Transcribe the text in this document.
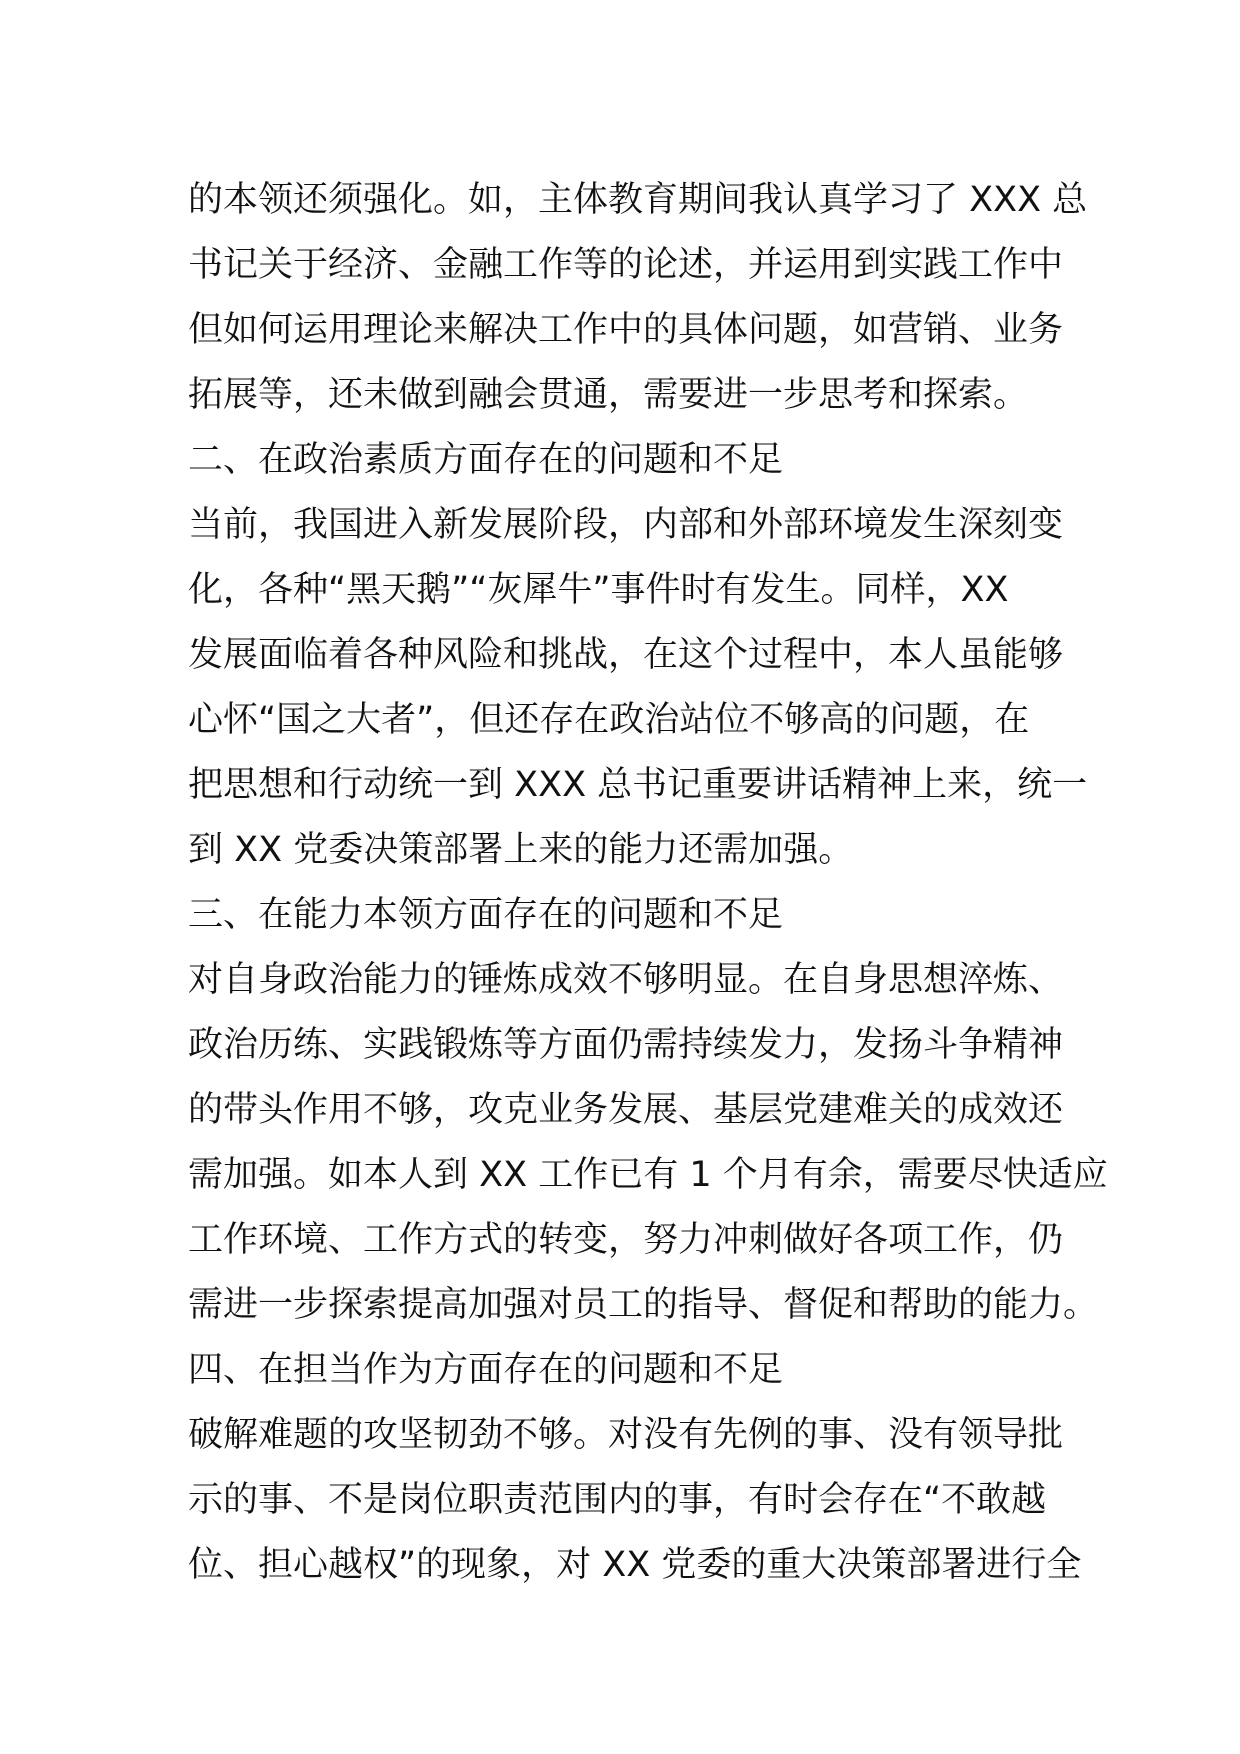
的本领还须强化。如，主体教育期间我认真学习了 XXX 总
书记关于经济、金融工作等的论述，并运用到实践工作中
但如何运用理论来解决工作中的具体问题，如营销、业务
拓展等，还未做到融会贯通，需要进一步思考和探索。
二、在政治素质方面存在的问题和不足
当前，我国进入新发展阶段，内部和外部环境发生深刻变
化，各种“黑天鹅”“灰犀牛”事件时有发生。同样，XX
发展面临着各种风险和挑战，在这个过程中，本人虽能够
心怀“国之大者”，但还存在政治站位不够高的问题，在
把思想和行动统一到 XXX 总书记重要讲话精神上来，统一
到 XX 党委决策部署上来的能力还需加强。
三、在能力本领方面存在的问题和不足
对自身政治能力的锤炼成效不够明显。在自身思想淬炼、
政治历练、实践锻炼等方面仍需持续发力，发扬斗争精神
的带头作用不够，攻克业务发展、基层党建难关的成效还
需加强。如本人到 XX 工作已有 1 个月有余，需要尽快适应
工作环境、工作方式的转变，努力冲刺做好各项工作，仍
需进一步探索提高加强对员工的指导、督促和帮助的能力。
四、在担当作为方面存在的问题和不足
破解难题的攻坚韧劲不够。对没有先例的事、没有领导批
示的事、不是岗位职责范围内的事，有时会存在“不敢越
位、担心越权”的现象，对 XX 党委的重大决策部署进行全
